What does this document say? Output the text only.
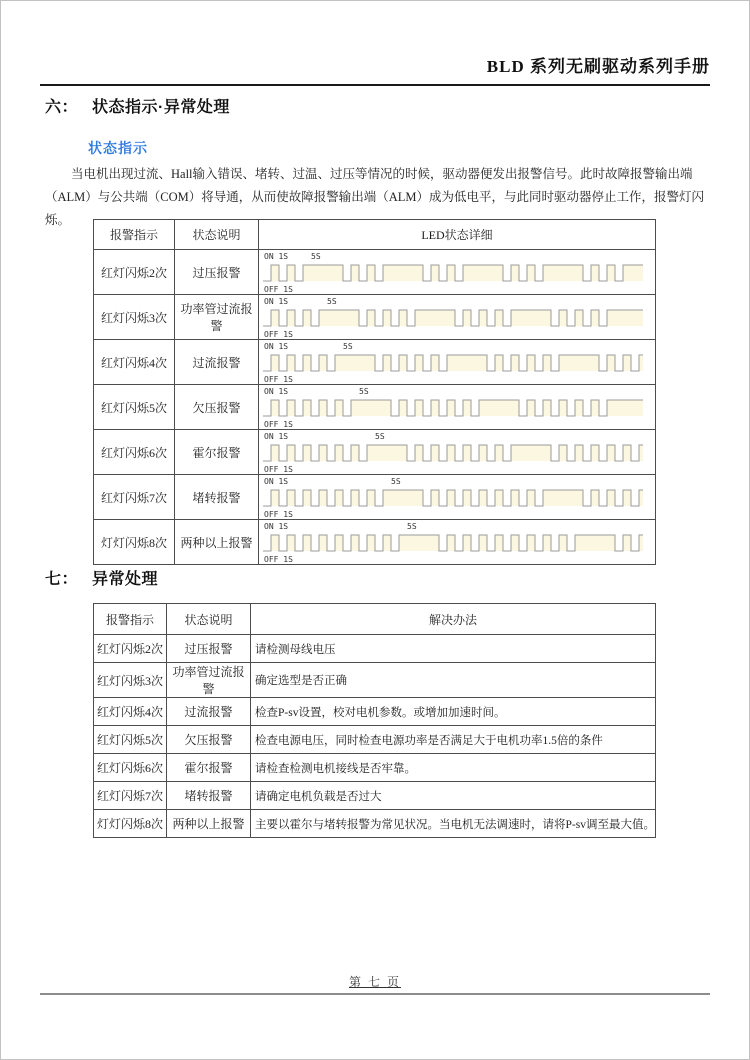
BLD 系列无刷驱动系列手册
六： 状态指示·异常处理
状态指示
当电机出现过流、Hall输入错误、堵转、过温、过压等情况的时候，驱动器便发出报警信号。此时故障报警输出端
（ALM）与公共端（COM）将导通，从而使故障报警输出端（ALM）成为低电平，与此同时驱动器停止工作，报警灯闪烁。
报警指示	状态说明	LED状态详细
红灯闪烁2次	过压报警	ON 1S 5S
OFF 1S

红灯闪烁3次	功率管过流报警	ON 1S 5S
OFF 1S

红灯闪烁4次	过流报警	ON 1S 5S
OFF 1S

红灯闪烁5次	欠压报警	ON 1S 5S
OFF 1S

红灯闪烁6次	霍尔报警	ON 1S 5S
OFF 1S

红灯闪烁7次	堵转报警	ON 1S 5S
OFF 1S

灯灯闪烁8次	两种以上报警	ON 1S 5S
OFF 1S
七： 异常处理
报警指示	状态说明	解决办法
红灯闪烁2次	过压报警	请检测母线电压
红灯闪烁3次	功率管过流报警	确定选型是否正确
红灯闪烁4次	过流报警	检查P-sv设置，校对电机参数。或增加加速时间。
红灯闪烁5次	欠压报警	检查电源电压，同时检查电源功率是否满足大于电机功率1.5倍的条件
红灯闪烁6次	霍尔报警	请检查检测电机接线是否牢靠。
红灯闪烁7次	堵转报警	请确定电机负载是否过大
灯灯闪烁8次	两种以上报警	主要以霍尔与堵转报警为常见状况。当电机无法调速时，请将P-sv调至最大值。
第 七 页
